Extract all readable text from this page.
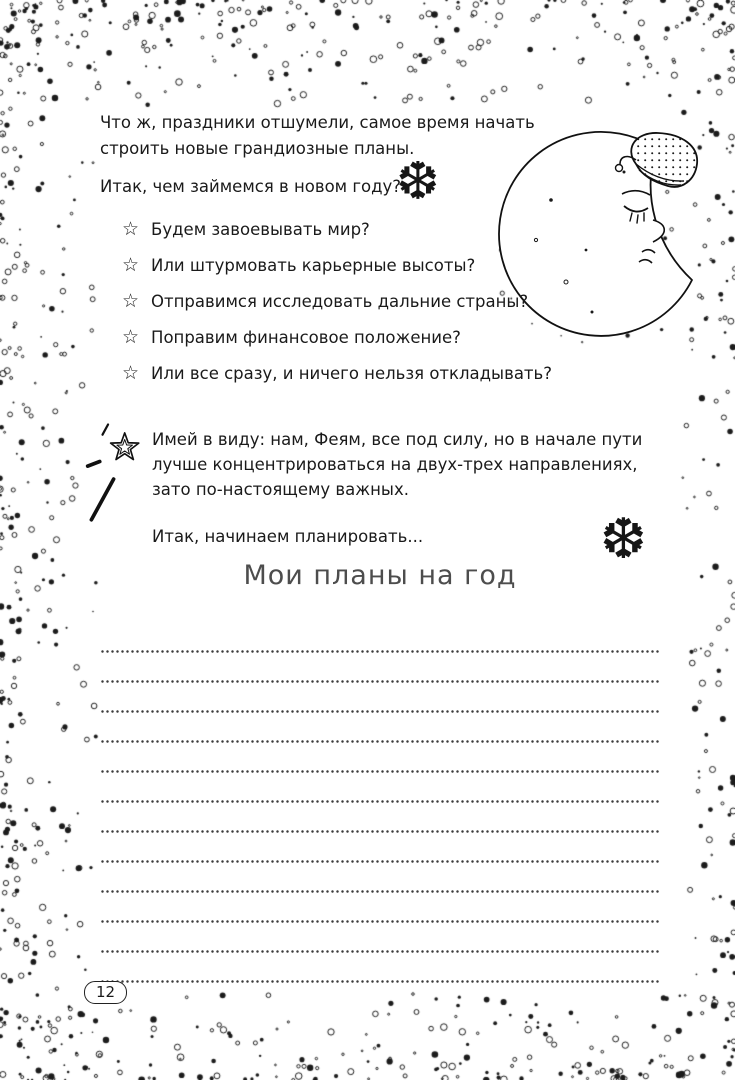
Что ж, праздники отшумели, самое время начать строить новые грандиозные планы.

Итак, чем займемся в новом году?

❆
☆ Будем завоевывать мир?
☆ Или штурмовать карьерные высоты?
☆ Отправимся исследовать дальние страны?
☆ Поправим финансовое положение?
☆ Или все сразу, и ничего нельзя откладывать?

Имей в виду: нам, Феям, все под силу, но в начале пути лучше концентрироваться на двух-трех направлениях, зато по-настоящему важных.

Итак, начинаем планировать...	❆
Мои планы на год
12
